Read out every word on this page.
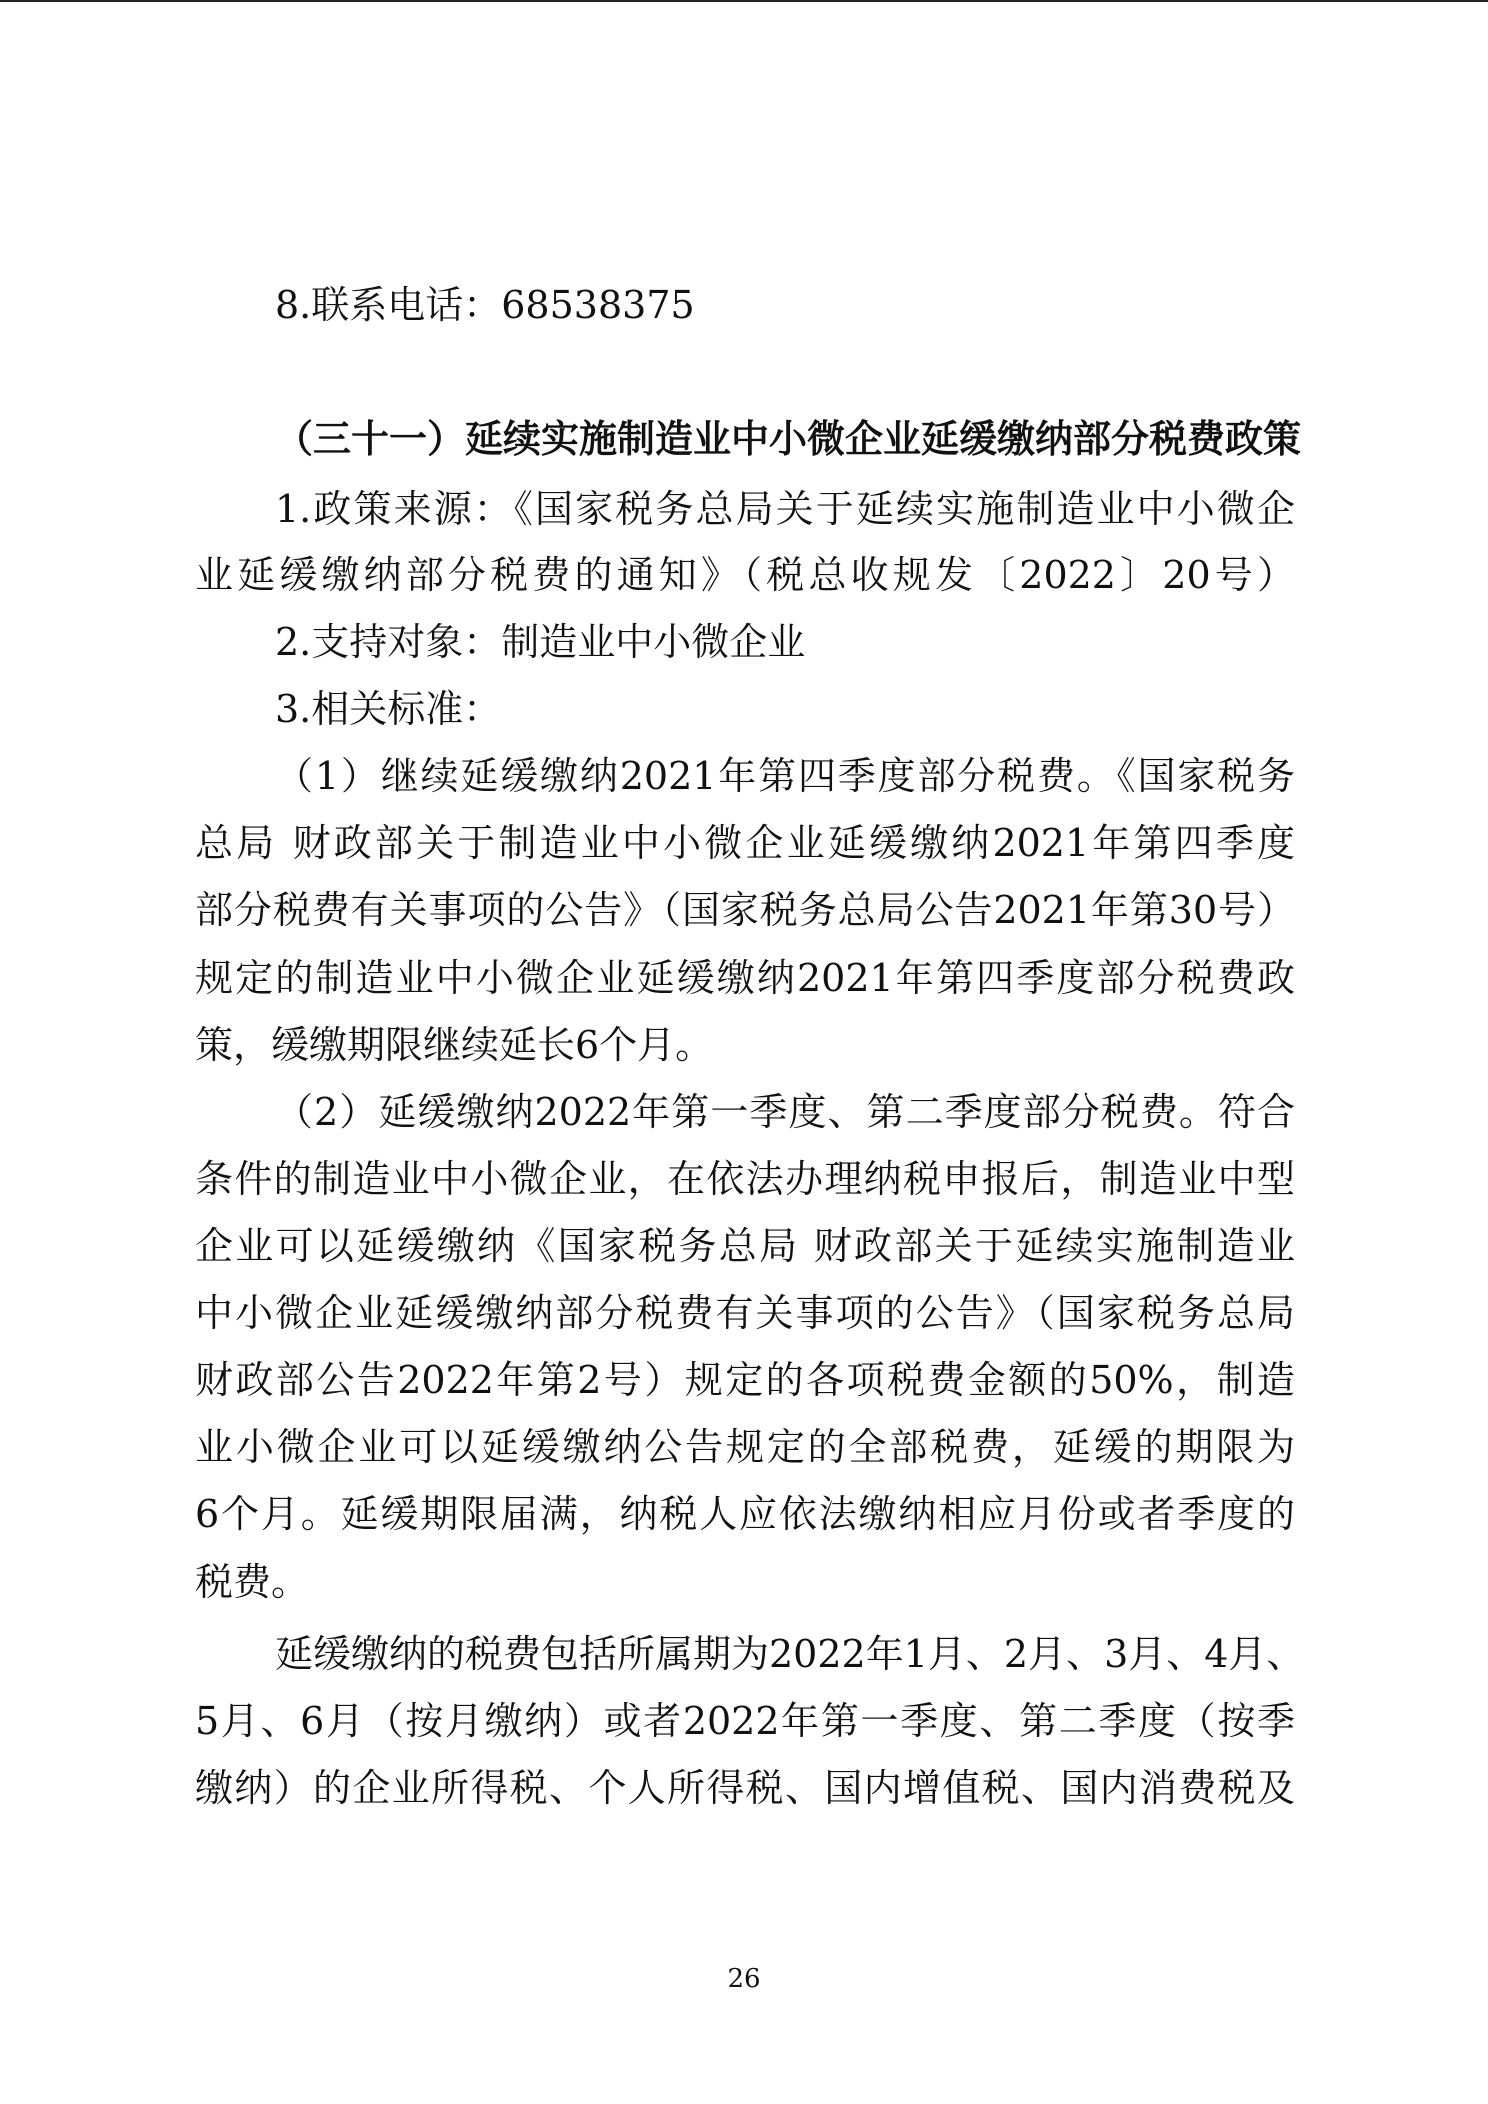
8.联系电话：68538375
（三十一）延续实施制造业中小微企业延缓缴纳部分税费政策
1.政策来源：《国家税务总局关于延续实施制造业中小微企
业延缓缴纳部分税费的通知》（税总收规发〔2022〕20号）
2.支持对象：制造业中小微企业
3.相关标准：
（1）继续延缓缴纳2021年第四季度部分税费。《国家税务
总局 财政部关于制造业中小微企业延缓缴纳2021年第四季度
部分税费有关事项的公告》（国家税务总局公告2021年第30号）
规定的制造业中小微企业延缓缴纳2021年第四季度部分税费政
策，缓缴期限继续延长6个月。
（2）延缓缴纳2022年第一季度、第二季度部分税费。符合
条件的制造业中小微企业，在依法办理纳税申报后，制造业中型
企业可以延缓缴纳《国家税务总局 财政部关于延续实施制造业
中小微企业延缓缴纳部分税费有关事项的公告》（国家税务总局
财政部公告2022年第2号）规定的各项税费金额的50%，制造
业小微企业可以延缓缴纳公告规定的全部税费，延缓的期限为
6个月。延缓期限届满，纳税人应依法缴纳相应月份或者季度的
税费。
延缓缴纳的税费包括所属期为2022年1月、2月、3月、4月、
5月、6月（按月缴纳）或者2022年第一季度、第二季度（按季
缴纳）的企业所得税、个人所得税、国内增值税、国内消费税及
26
